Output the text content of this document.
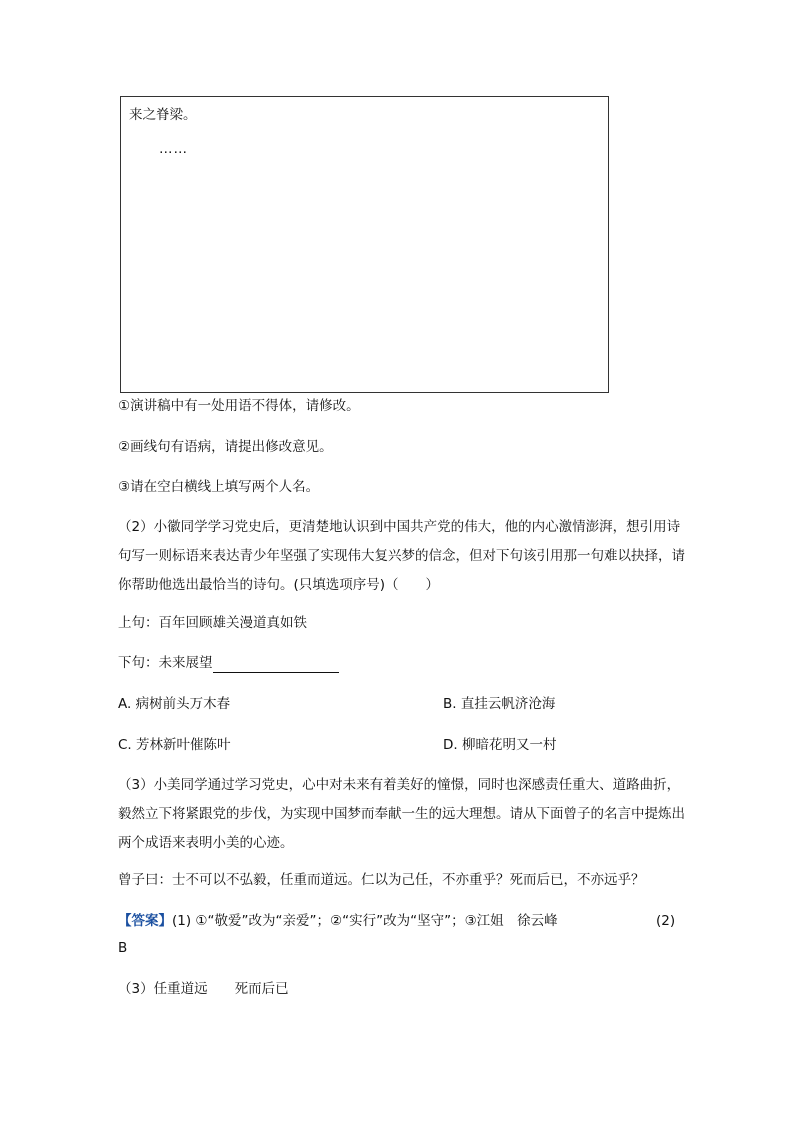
来之脊梁。
……
①演讲稿中有一处用语不得体，请修改。
②画线句有语病，请提出修改意见。
③请在空白横线上填写两个人名。
（2）小徽同学学习党史后，更清楚地认识到中国共产党的伟大，他的内心激情澎湃，想引用诗句写一则标语来表达青少年坚强了实现伟大复兴梦的信念，但对下句该引用那一句难以抉择，请你帮助他选出最恰当的诗句。(只填选项序号)（　　）
上句：百年回顾雄关漫道真如铁
下句：未来展望
A. 病树前头万木春	B. 直挂云帆济沧海
C. 芳林新叶催陈叶	D. 柳暗花明又一村
（3）小美同学通过学习党史，心中对未来有着美好的憧憬，同时也深感责任重大、道路曲折，毅然立下将紧跟党的步伐，为实现中国梦而奉献一生的远大理想。请从下面曾子的名言中提炼出两个成语来表明小美的心迹。
曾子曰：士不可以不弘毅，任重而道远。仁以为己任，不亦重乎？死而后已，不亦远乎？
【答案】(1) ①“敬爱”改为“亲爱”；②“实行”改为“坚守”；③江姐　徐云峰	(2)
B
（3）任重道远　　死而后已
